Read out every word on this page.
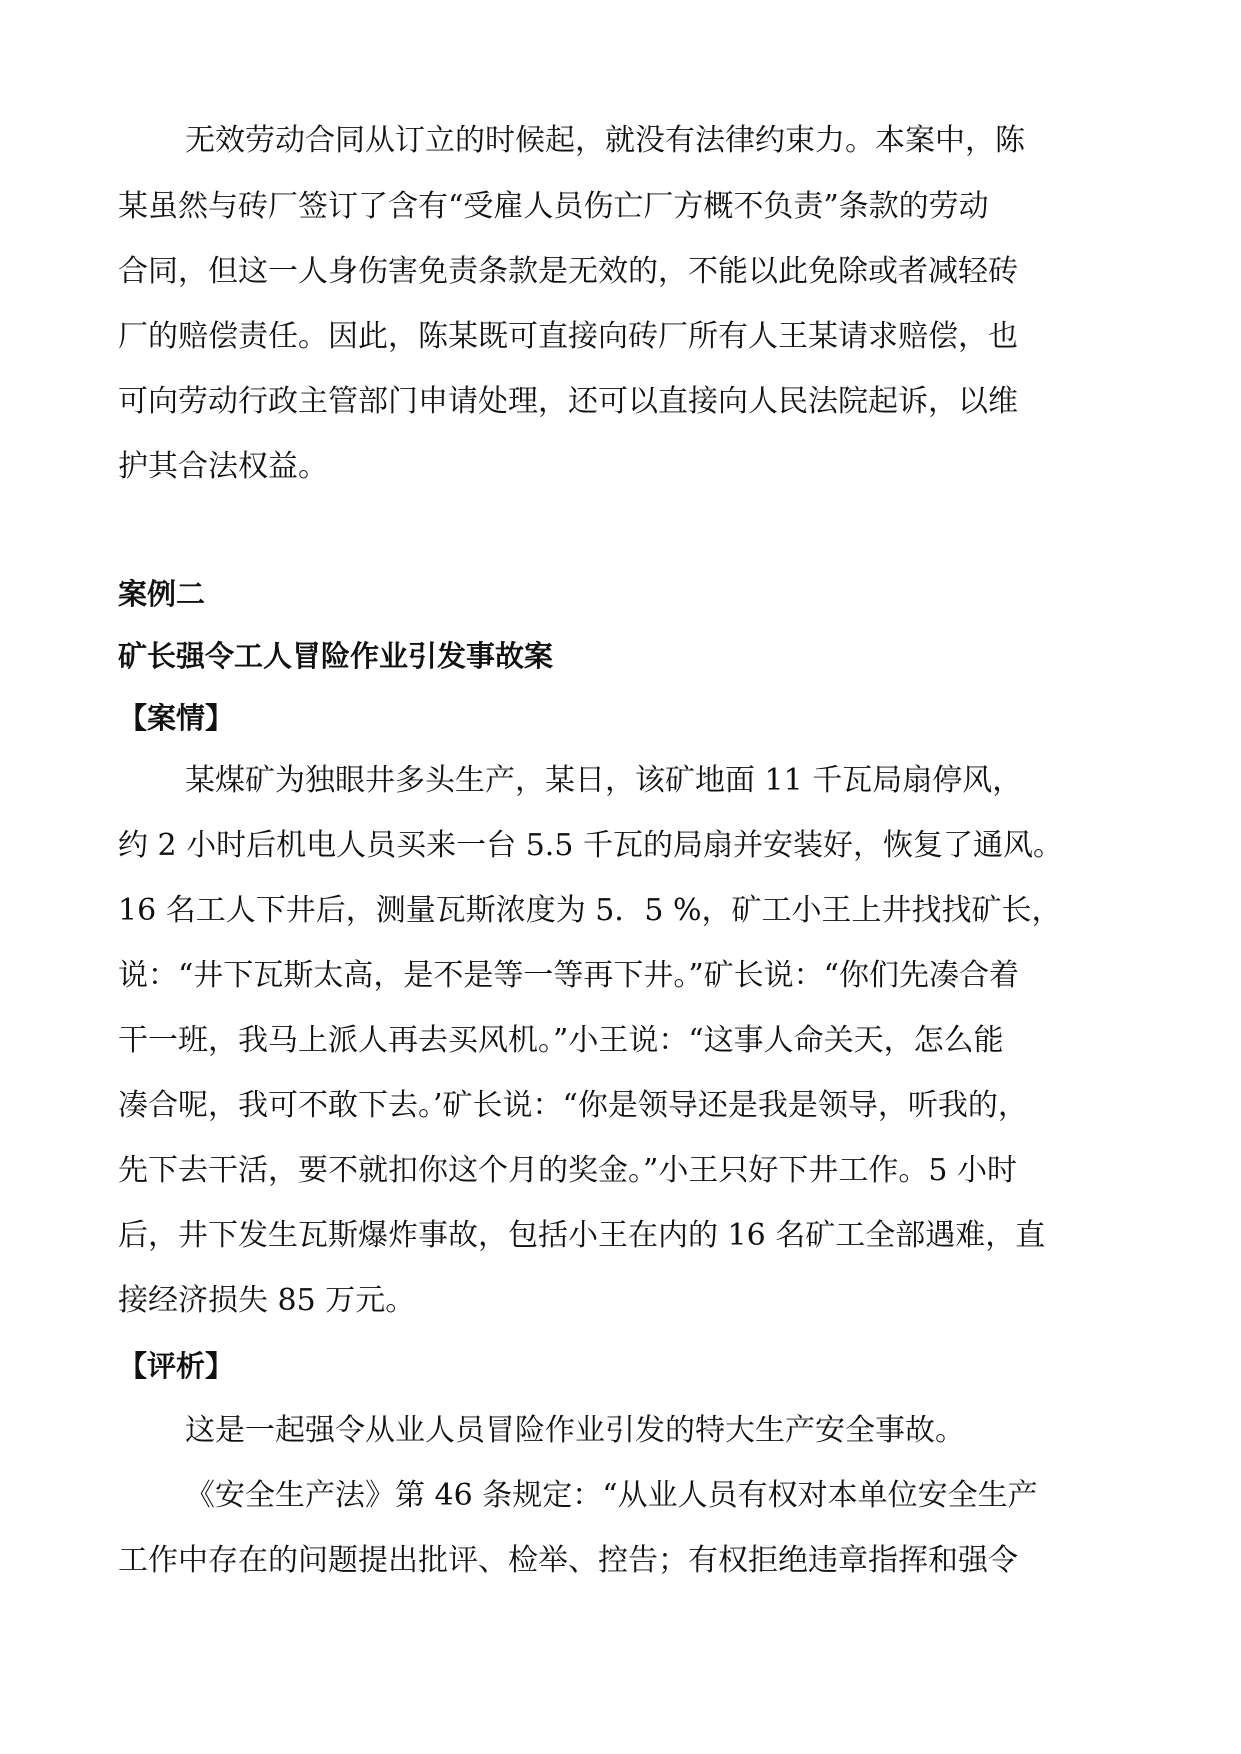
无效劳动合同从订立的时候起，就没有法律约束力。本案中，陈
某虽然与砖厂签订了含有“受雇人员伤亡厂方概不负责”条款的劳动
合同，但这一人身伤害免责条款是无效的，不能以此免除或者减轻砖
厂的赔偿责任。因此，陈某既可直接向砖厂所有人王某请求赔偿，也
可向劳动行政主管部门申请处理，还可以直接向人民法院起诉，以维
护其合法权益。
案例二
矿长强令工人冒险作业引发事故案
【案情】
某煤矿为独眼井多头生产，某日，该矿地面 11 千瓦局扇停风，
约 2 小时后机电人员买来一台 5.5 千瓦的局扇并安装好，恢复了通风。
16 名工人下井后，测量瓦斯浓度为 5．5 %，矿工小王上井找找矿长，
说：“井下瓦斯太高，是不是等一等再下井。”矿长说：“你们先凑合着
干一班，我马上派人再去买风机。”小王说：“这事人命关天，怎么能
凑合呢，我可不敢下去。’矿长说：“你是领导还是我是领导，听我的，
先下去干活，要不就扣你这个月的奖金。”小王只好下井工作。5 小时
后，井下发生瓦斯爆炸事故，包括小王在内的 16 名矿工全部遇难，直
接经济损失 85 万元。
【评析】
这是一起强令从业人员冒险作业引发的特大生产安全事故。
《安全生产法》第 46 条规定：“从业人员有权对本单位安全生产
工作中存在的问题提出批评、检举、控告；有权拒绝违章指挥和强令
